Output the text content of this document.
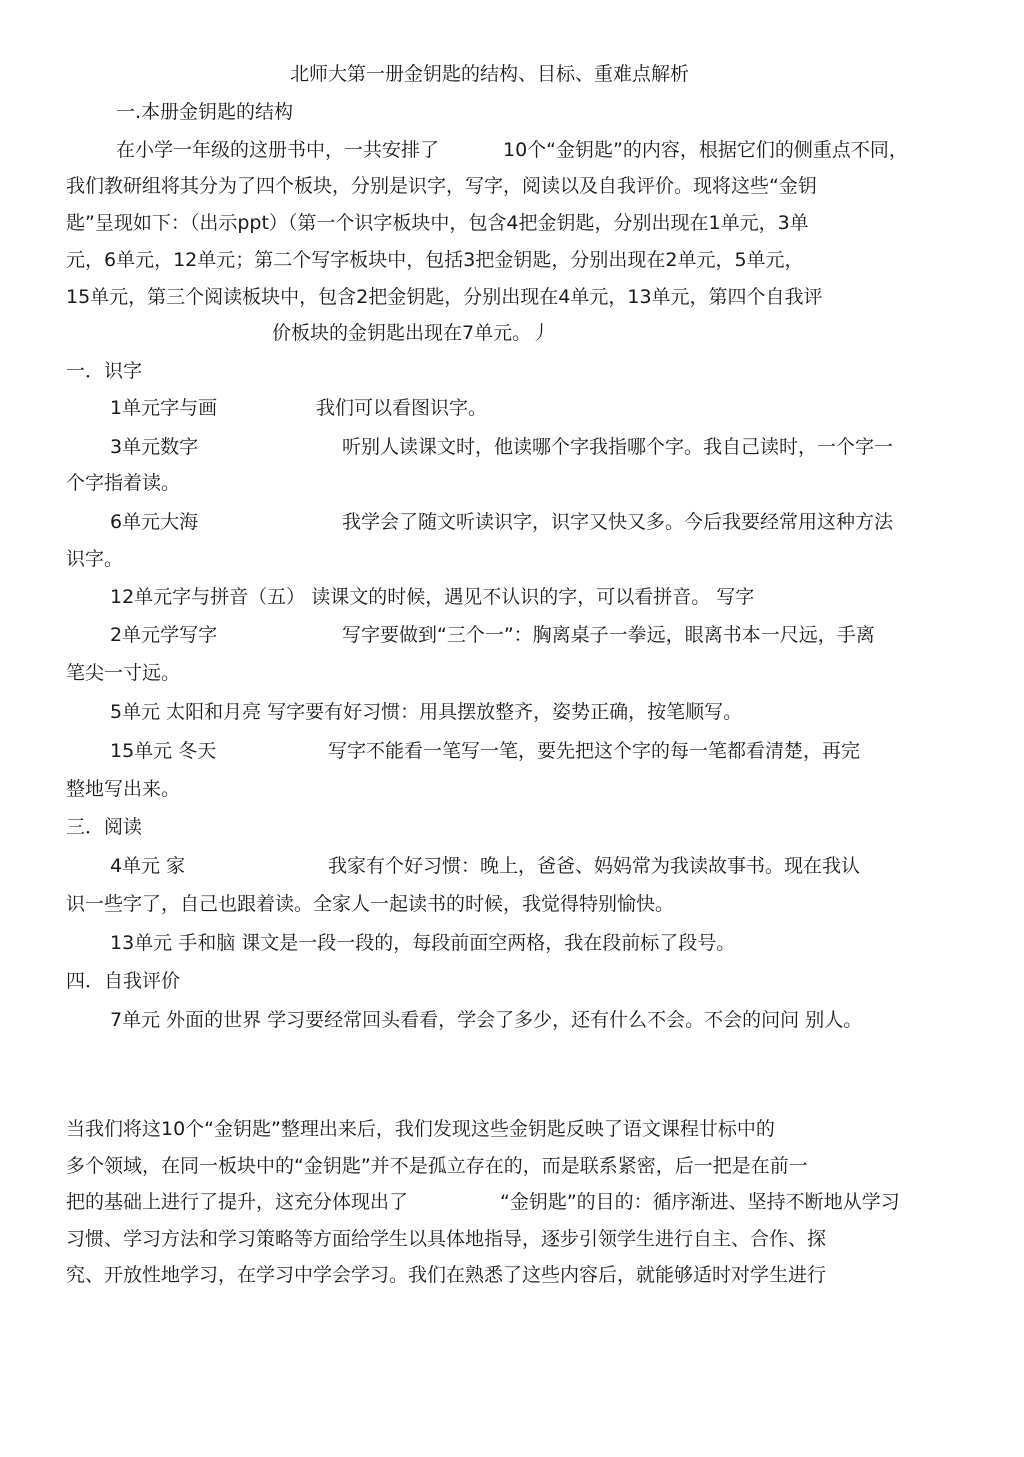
北师大第一册金钥匙的结构、目标、重难点解析
一.本册金钥匙的结构
在小学一年级的这册书中，一共安排了	10个“金钥匙”的内容，根据它们的侧重点不同，
我们教研组将其分为了四个板块，分别是识字，写字，阅读以及自我评价。现将这些“金钥
匙”呈现如下：（出示ppt）（第一个识字板块中，包含4把金钥匙，分别出现在1单元，3单
元，6单元，12单元；第二个写字板块中，包括3把金钥匙，分别出现在2单元，5单元，
15单元，第三个阅读板块中，包含2把金钥匙，分别出现在4单元，13单元，第四个自我评
价板块的金钥匙出现在7单元。丿
一．识字
1单元字与画	我们可以看图识字。
3单元数字	听别人读课文时，他读哪个字我指哪个字。我自己读时，一个字一
个字指着读。
6单元大海	我学会了随文听读识字，识字又快又多。今后我要经常用这种方法
识字。
12单元字与拼音（五） 读课文的时候，遇见不认识的字，可以看拼音。 写字
2单元学写字	写字要做到“三个一”：胸离桌子一拳远，眼离书本一尺远，手离
笔尖一寸远。
5单元 太阳和月亮 写字要有好习惯：用具摆放整齐，姿势正确，按笔顺写。
15单元 冬天	写字不能看一笔写一笔，要先把这个字的每一笔都看清楚，再完
整地写出来。
三．阅读
4单元 家	我家有个好习惯：晚上，爸爸、妈妈常为我读故事书。现在我认
识一些字了，自己也跟着读。全家人一起读书的时候，我觉得特别愉快。
13单元 手和脑 课文是一段一段的，每段前面空两格，我在段前标了段号。
四．自我评价
7单元 外面的世界 学习要经常回头看看，学会了多少，还有什么不会。不会的问问 别人。
当我们将这10个“金钥匙”整理出来后，我们发现这些金钥匙反映了语文课程廿标中的
多个领域，在同一板块中的“金钥匙”并不是孤立存在的，而是联系紧密，后一把是在前一
把的基础上进行了提升，这充分体现出了	“金钥匙”的目的：循序渐进、坚持不断地从学习
习惯、学习方法和学习策略等方面给学生以具体地指导，逐步引领学生进行自主、合作、探
究、开放性地学习，在学习中学会学习。我们在熟悉了这些内容后，就能够适时对学生进行
